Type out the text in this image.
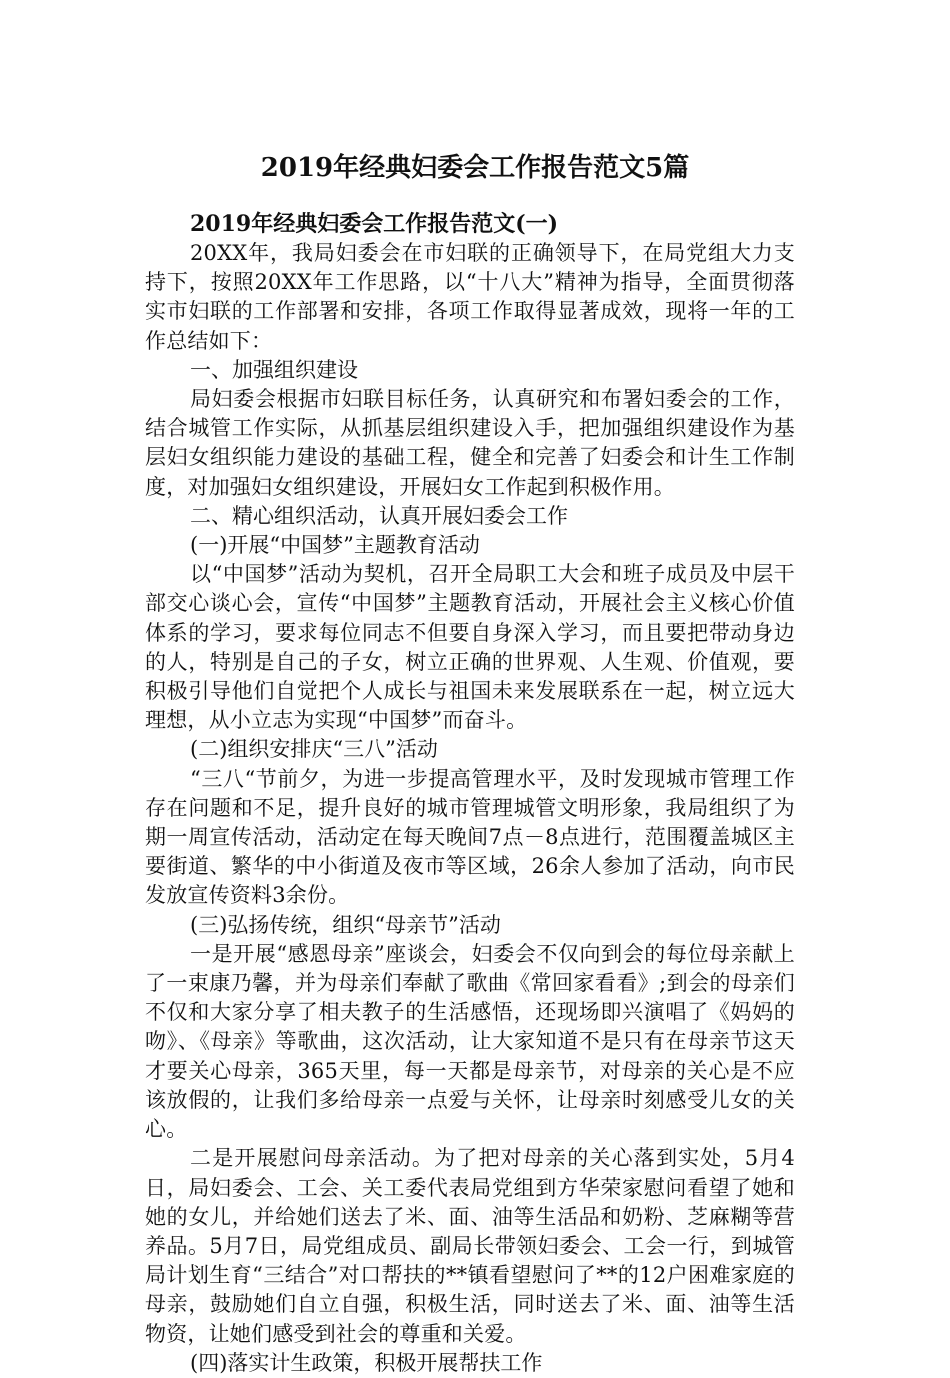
2019年经典妇委会工作报告范文5篇

2019年经典妇委会工作报告范文(一)

20XX年，我局妇委会在市妇联的正确领导下，在局党组大力支持下，按照20XX年工作思路，以“十八大”精神为指导，全面贯彻落实市妇联的工作部署和安排，各项工作取得显著成效，现将一年的工作总结如下：

一、加强组织建设

局妇委会根据市妇联目标任务，认真研究和布署妇委会的工作，结合城管工作实际，从抓基层组织建设入手，把加强组织建设作为基层妇女组织能力建设的基础工程，健全和完善了妇委会和计生工作制度，对加强妇女组织建设，开展妇女工作起到积极作用。

二、精心组织活动，认真开展妇委会工作

(一)开展“中国梦”主题教育活动

以“中国梦”活动为契机，召开全局职工大会和班子成员及中层干部交心谈心会，宣传“中国梦”主题教育活动，开展社会主义核心价值体系的学习，要求每位同志不但要自身深入学习，而且要把带动身边的人，特别是自己的子女，树立正确的世界观、人生观、价值观，要积极引导他们自觉把个人成长与祖国未来发展联系在一起，树立远大理想，从小立志为实现“中国梦”而奋斗。

(二)组织安排庆“三八”活动

“三八“节前夕，为进一步提高管理水平，及时发现城市管理工作存在问题和不足，提升良好的城市管理城管文明形象，我局组织了为期一周宣传活动，活动定在每天晚间7点－8点进行，范围覆盖城区主要街道、繁华的中小街道及夜市等区域，26余人参加了活动，向市民发放宣传资料3余份。

(三)弘扬传统，组织“母亲节”活动

一是开展“感恩母亲”座谈会，妇委会不仅向到会的每位母亲献上了一束康乃馨，并为母亲们奉献了歌曲《常回家看看》;到会的母亲们不仅和大家分享了相夫教子的生活感悟，还现场即兴演唱了《妈妈的吻》、《母亲》等歌曲，这次活动，让大家知道不是只有在母亲节这天才要关心母亲，365天里，每一天都是母亲节，对母亲的关心是不应该放假的，让我们多给母亲一点爱与关怀，让母亲时刻感受儿女的关心。

二是开展慰问母亲活动。为了把对母亲的关心落到实处，5月4日，局妇委会、工会、关工委代表局党组到方华荣家慰问看望了她和她的女儿，并给她们送去了米、面、油等生活品和奶粉、芝麻糊等营养品。5月7日，局党组成员、副局长带领妇委会、工会一行，到城管局计划生育“三结合”对口帮扶的**镇看望慰问了**的12户困难家庭的母亲，鼓励她们自立自强，积极生活，同时送去了米、面、油等生活物资，让她们感受到社会的尊重和关爱。

(四)落实计生政策，积极开展帮扶工作
